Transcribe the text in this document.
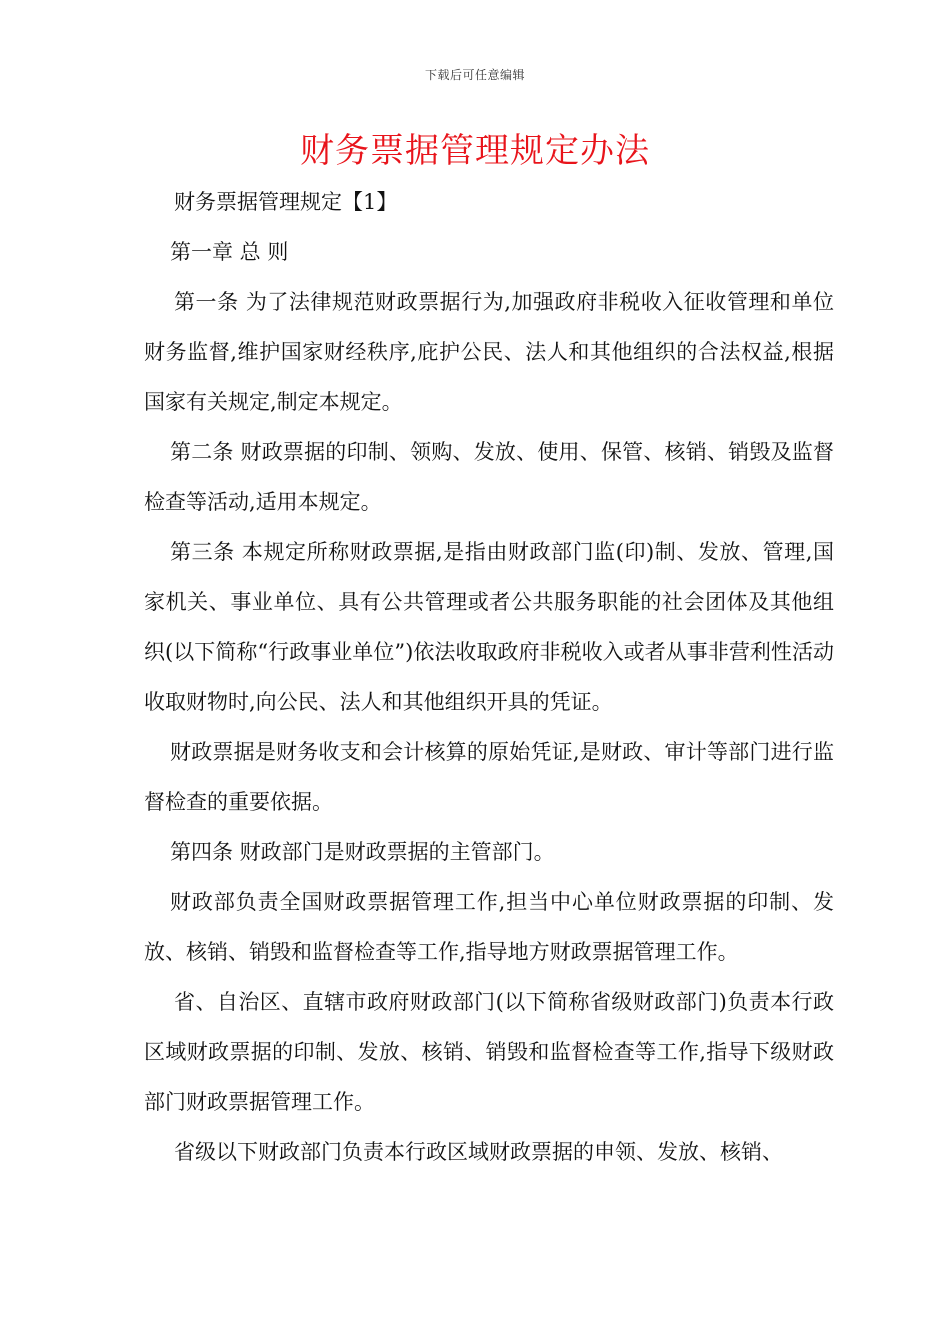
下载后可任意编辑
财务票据管理规定办法

财务票据管理规定【1】

第一章 总 则

第一条 为了法律规范财政票据行为,加强政府非税收入征收管理和单位财务监督,维护国家财经秩序,庇护公民、法人和其他组织的合法权益,根据国家有关规定,制定本规定。

第二条 财政票据的印制、领购、发放、使用、保管、核销、销毁及监督检查等活动,适用本规定。

第三条 本规定所称财政票据,是指由财政部门监(印)制、发放、管理,国家机关、事业单位、具有公共管理或者公共服务职能的社会团体及其他组织(以下简称“行政事业单位”)依法收取政府非税收入或者从事非营利性活动收取财物时,向公民、法人和其他组织开具的凭证。

财政票据是财务收支和会计核算的原始凭证,是财政、审计等部门进行监督检查的重要依据。

第四条 财政部门是财政票据的主管部门。

财政部负责全国财政票据管理工作,担当中心单位财政票据的印制、发放、核销、销毁和监督检查等工作,指导地方财政票据管理工作。

省、自治区、直辖市政府财政部门(以下简称省级财政部门)负责本行政区域财政票据的印制、发放、核销、销毁和监督检查等工作,指导下级财政部门财政票据管理工作。

省级以下财政部门负责本行政区域财政票据的申领、发放、核销、
